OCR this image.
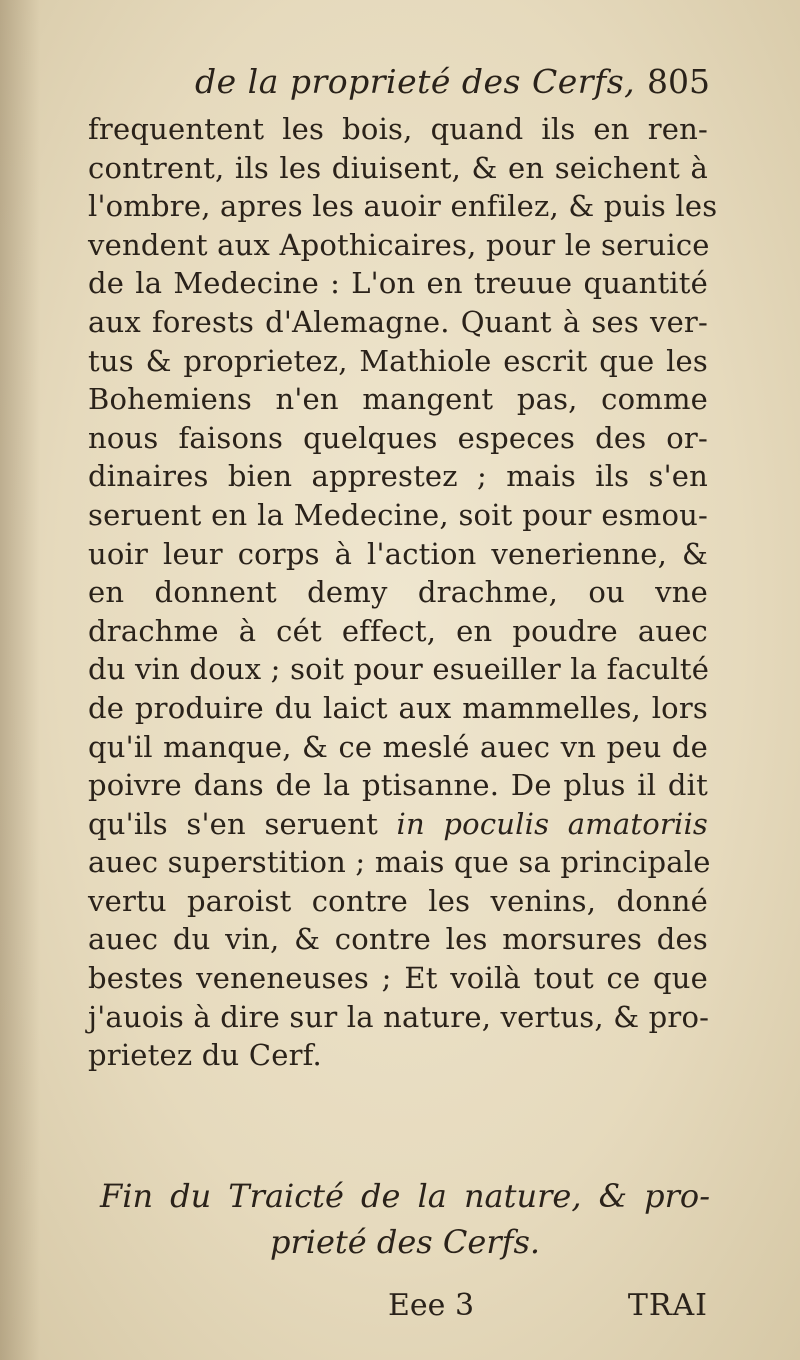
de la proprieté des Cerfs, 805
frequentent les bois, quand ils en ren-
contrent, ils les diuisent, & en seichent à
l'ombre, apres les auoir enfilez, & puis les
vendent aux Apothicaires, pour le seruice
de la Medecine : L'on en treuue quantité
aux forests d'Alemagne. Quant à ses ver-
tus & proprietez, Mathiole escrit que les
Bohemiens n'en mangent pas, comme
nous faisons quelques especes des or-
dinaires bien apprestez ; mais ils s'en
seruent en la Medecine, soit pour esmou-
uoir leur corps à l'action venerienne, &
en donnent demy drachme, ou vne
drachme à cét effect, en poudre auec
du vin doux ; soit pour esueiller la faculté
de produire du laict aux mammelles, lors
qu'il manque, & ce meslé auec vn peu de
poivre dans de la ptisanne. De plus il dit
qu'ils s'en seruent in poculis amatoriis
auec superstition ; mais que sa principale
vertu paroist contre les venins, donné
auec du vin, & contre les morsures des
bestes veneneuses ; Et voilà tout ce que
j'auois à dire sur la nature, vertus, & pro-
prietez du Cerf.
Fin du Traicté de la nature, & pro-
prieté des Cerfs.
Eee 3	TRAI
